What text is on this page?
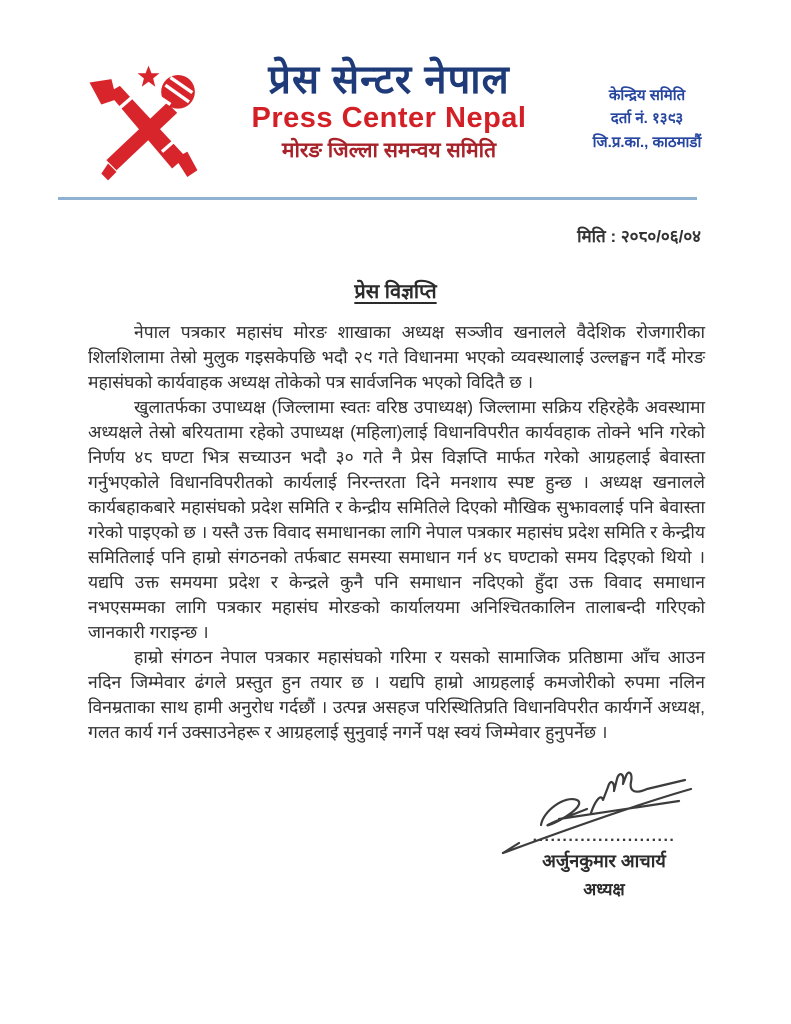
प्रेस सेन्टर नेपाल
Press Center Nepal
मोरङ जिल्ला समन्वय समिति
केन्द्रिय समिति
दर्ता नं. १३९३
जि.प्र.का., काठमाडौं
मिति : २०८०/०६/०४
प्रेस विज्ञप्ति

नेपाल पत्रकार महासंघ मोरङ शाखाका अध्यक्ष सञ्जीव खनालले वैदेशिक रोजगारीका शिलशिलामा तेस्रो मुलुक गइसकेपछि भदौ २९ गते विधानमा भएको व्यवस्थालाई उल्लङ्घन गर्दै मोरङ महासंघको कार्यवाहक अध्यक्ष तोकेको पत्र सार्वजनिक भएको विदितै छ ।

खुलातर्फका उपाध्यक्ष (जिल्लामा स्वतः वरिष्ठ उपाध्यक्ष) जिल्लामा सक्रिय रहिरहेकै अवस्थामा अध्यक्षले तेस्रो बरियतामा रहेको उपाध्यक्ष (महिला)लाई विधानविपरीत कार्यवहाक तोक्ने भनि गरेको निर्णय ४८ घण्टा भित्र सच्याउन भदौ ३० गते नै प्रेस विज्ञप्ति मार्फत गरेको आग्रहलाई बेवास्ता गर्नुभएकोले विधानविपरीतको कार्यलाई निरन्तरता दिने मनशाय स्पष्ट हुन्छ । अध्यक्ष खनालले कार्यबहाकबारे महासंघको प्रदेश समिति र केन्द्रीय समितिले दिएको मौखिक सुझावलाई पनि बेवास्ता गरेको पाइएको छ । यस्तै उक्त विवाद समाधानका लागि नेपाल पत्रकार महासंघ प्रदेश समिति र केन्द्रीय समितिलाई पनि हाम्रो संगठनको तर्फबाट समस्या समाधान गर्न ४८ घण्टाको समय दिइएको थियो । यद्यपि उक्त समयमा प्रदेश र केन्द्रले कुनै पनि समाधान नदिएको हुँदा उक्त विवाद समाधान नभएसम्मका लागि पत्रकार महासंघ मोरङको कार्यालयमा अनिश्चितकालिन तालाबन्दी गरिएको जानकारी गराइन्छ ।

हाम्रो संगठन नेपाल पत्रकार महासंघको गरिमा र यसको सामाजिक प्रतिष्ठामा आँच आउन नदिन जिम्मेवार ढंगले प्रस्तुत हुन तयार छ । यद्यपि हाम्रो आग्रहलाई कमजोरीको रुपमा नलिन विनम्रताका साथ हामी अनुरोध गर्दछौं । उत्पन्न असहज परिस्थितिप्रति विधानविपरीत कार्यगर्ने अध्यक्ष, गलत कार्य गर्न उक्साउनेहरू र आग्रहलाई सुनुवाई नगर्ने पक्ष स्वयं जिम्मेवार हुनुपर्नेछ ।

........................
अर्जुनकुमार आचार्य
अध्यक्ष
